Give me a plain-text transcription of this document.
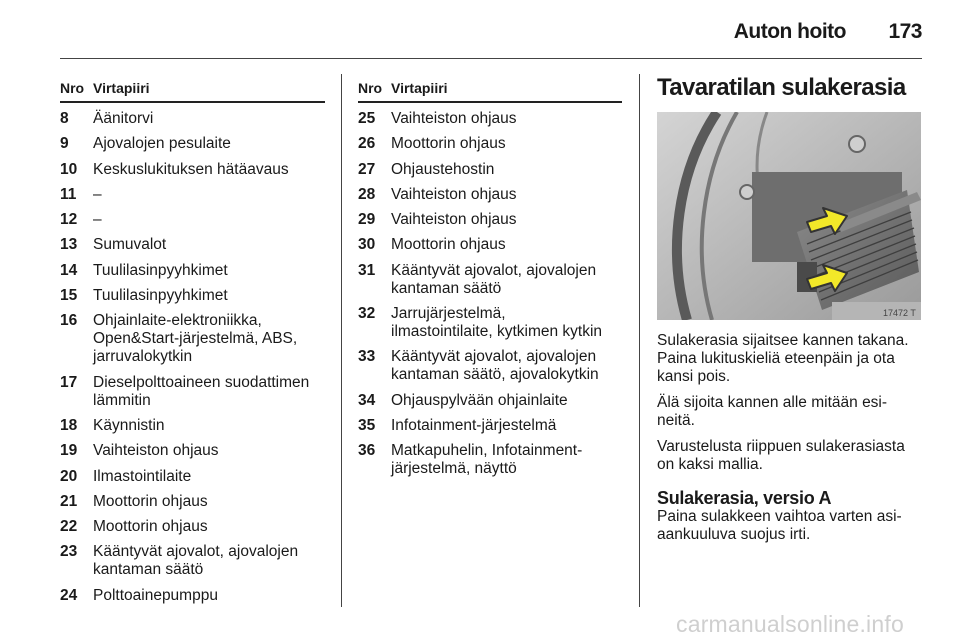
Auton hoito	173
Nro Virtapiiri
8	Äänitorvi
9	Ajovalojen pesulaite
10	Keskuslukituksen hätäavaus
11	–
12	–
13	Sumuvalot
14	Tuulilasinpyyhkimet
15	Tuulilasinpyyhkimet
16	Ohjainlaite-elektroniikka,
Open&Start-järjestelmä, ABS,
jarruvalokytkin
17	Dieselpolttoaineen suodattimen
lämmitin
18	Käynnistin
19	Vaihteiston ohjaus
20	Ilmastointilaite
21	Moottorin ohjaus
22	Moottorin ohjaus
23	Kääntyvät ajovalot, ajovalojen
kantaman säätö
24	Polttoainepumppu
Nro Virtapiiri
25	Vaihteiston ohjaus
26	Moottorin ohjaus
27	Ohjaustehostin
28	Vaihteiston ohjaus
29	Vaihteiston ohjaus
30	Moottorin ohjaus
31	Kääntyvät ajovalot, ajovalojen
kantaman säätö
32	Jarrujärjestelmä,
ilmastointilaite, kytkimen kytkin
33	Kääntyvät ajovalot, ajovalojen
kantaman säätö, ajovalokytkin
34	Ohjauspylvään ohjainlaite
35	Infotainment-järjestelmä
36	Matkapuhelin, Infotainment-
järjestelmä, näyttö
Tavaratilan sulakerasia
17472 T

Sulakerasia sijaitsee kannen takana.
Paina lukituskieliä eteenpäin ja ota
kansi pois.

Älä sijoita kannen alle mitään esi-
neitä.

Varustelusta riippuen sulakerasiasta
on kaksi mallia.

Sulakerasia, versio A
Paina sulakkeen vaihtoa varten asi-
aankuuluva suojus irti.
carmanualsonline.info
